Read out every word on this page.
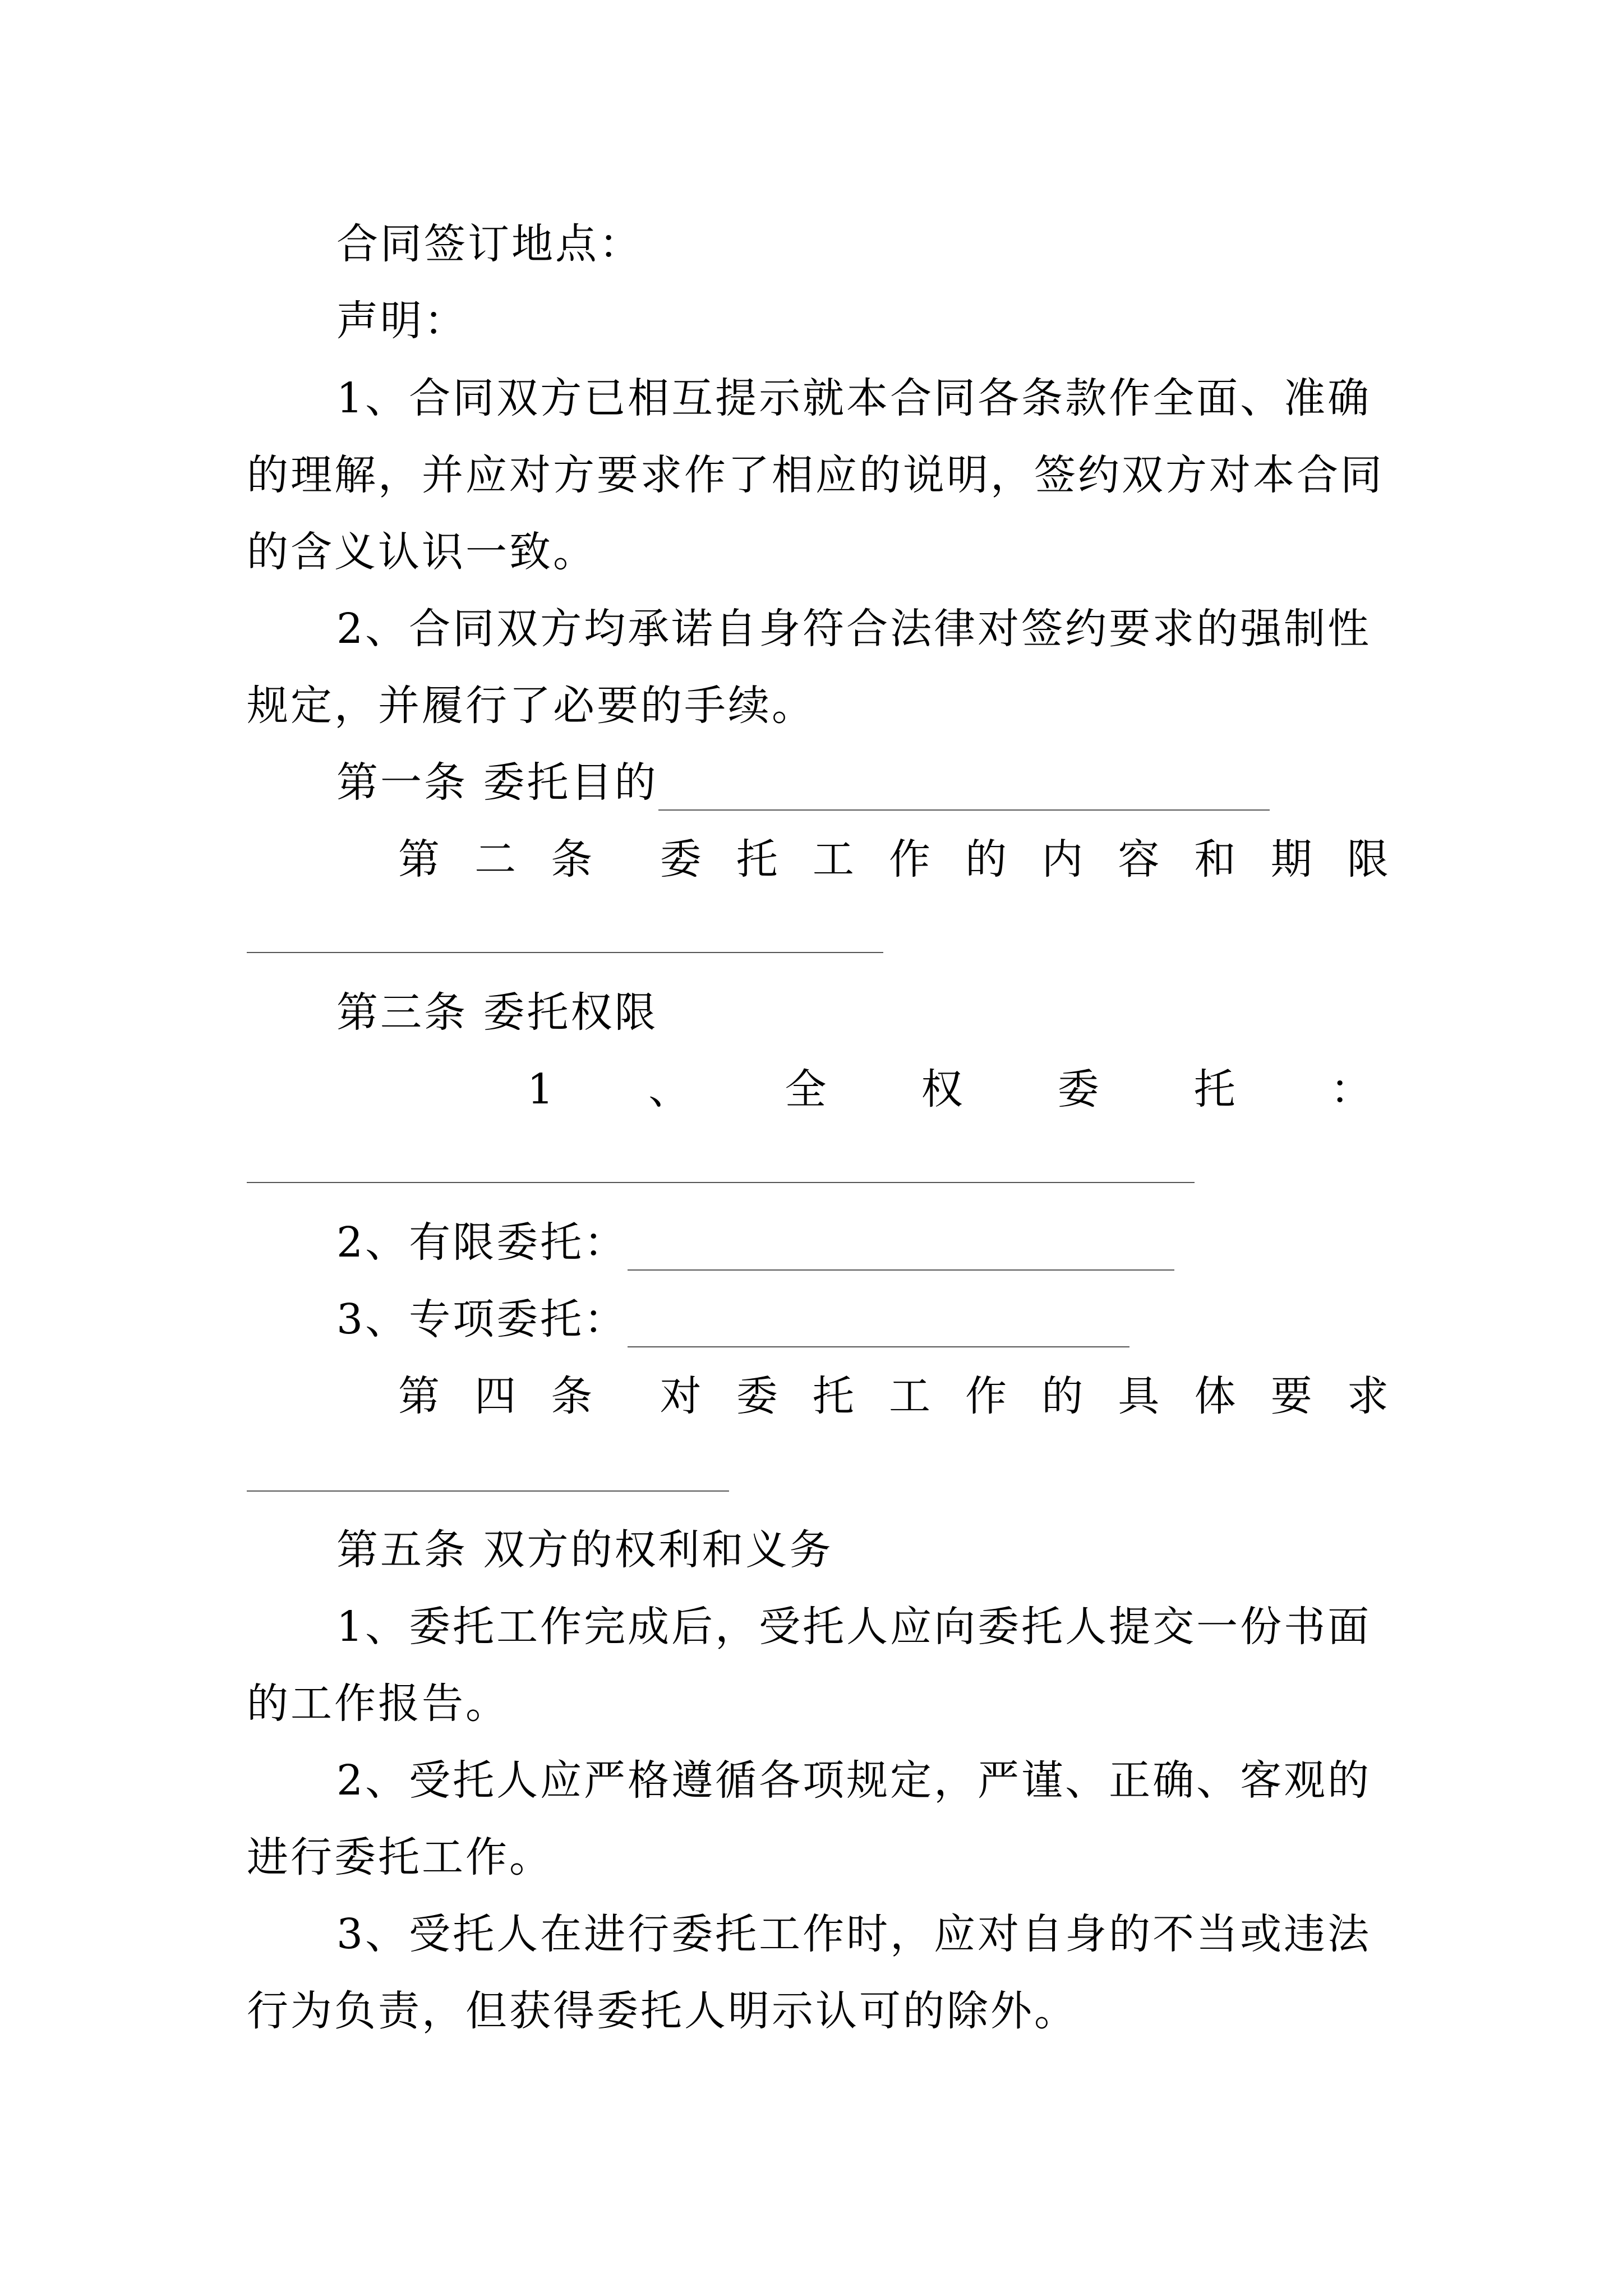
合同签订地点：
声明：
1、合同双方已相互提示就本合同各条款作全面、准确
的理解，并应对方要求作了相应的说明，签约双方对本合同
的含义认识一致。
2、合同双方均承诺自身符合法律对签约要求的强制性
规定，并履行了必要的手续。
第一条 委托目的
第 二 条 委 托 工 作 的 内 容 和 期 限
第三条 委托权限
1 、 全 权 委 托 ：
2、有限委托：
3、专项委托：
第 四 条 对 委 托 工 作 的 具 体 要 求
第五条 双方的权利和义务
1、委托工作完成后，受托人应向委托人提交一份书面
的工作报告。
2、受托人应严格遵循各项规定，严谨、正确、客观的
进行委托工作。
3、受托人在进行委托工作时，应对自身的不当或违法
行为负责，但获得委托人明示认可的除外。
